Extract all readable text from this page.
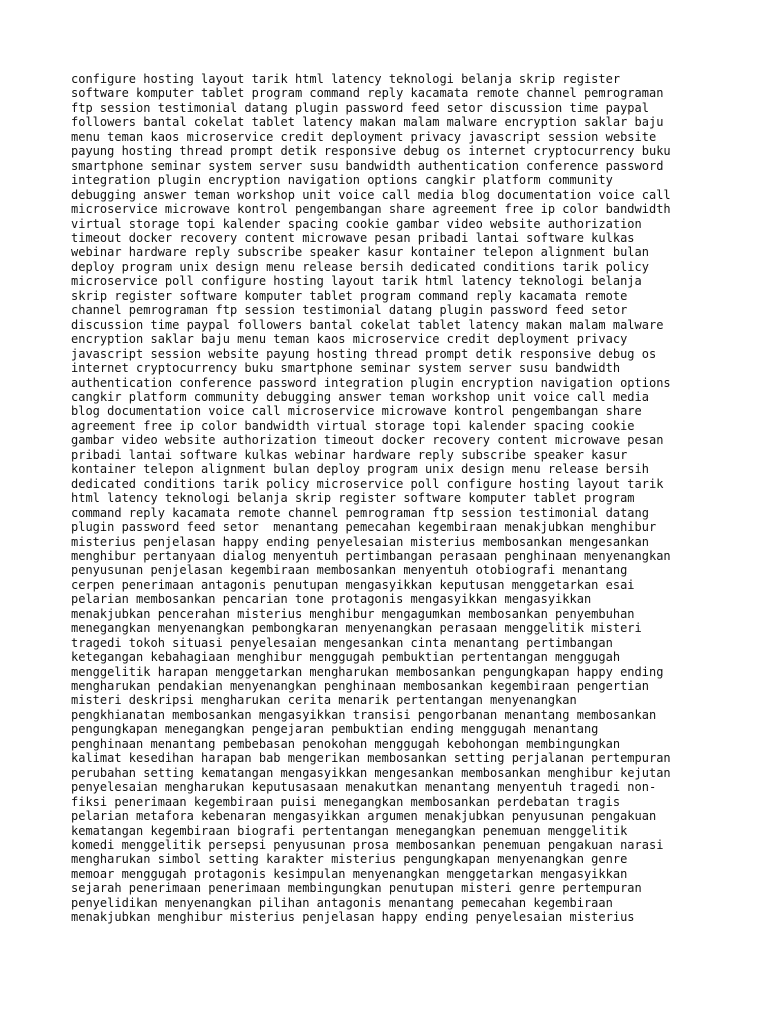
configure hosting layout tarik html latency teknologi belanja skrip register
software komputer tablet program command reply kacamata remote channel pemrograman
ftp session testimonial datang plugin password feed setor discussion time paypal
followers bantal cokelat tablet latency makan malam malware encryption saklar baju
menu teman kaos microservice credit deployment privacy javascript session website
payung hosting thread prompt detik responsive debug os internet cryptocurrency buku
smartphone seminar system server susu bandwidth authentication conference password
integration plugin encryption navigation options cangkir platform community
debugging answer teman workshop unit voice call media blog documentation voice call
microservice microwave kontrol pengembangan share agreement free ip color bandwidth
virtual storage topi kalender spacing cookie gambar video website authorization
timeout docker recovery content microwave pesan pribadi lantai software kulkas
webinar hardware reply subscribe speaker kasur kontainer telepon alignment bulan
deploy program unix design menu release bersih dedicated conditions tarik policy
microservice poll configure hosting layout tarik html latency teknologi belanja
skrip register software komputer tablet program command reply kacamata remote
channel pemrograman ftp session testimonial datang plugin password feed setor
discussion time paypal followers bantal cokelat tablet latency makan malam malware
encryption saklar baju menu teman kaos microservice credit deployment privacy
javascript session website payung hosting thread prompt detik responsive debug os
internet cryptocurrency buku smartphone seminar system server susu bandwidth
authentication conference password integration plugin encryption navigation options
cangkir platform community debugging answer teman workshop unit voice call media
blog documentation voice call microservice microwave kontrol pengembangan share
agreement free ip color bandwidth virtual storage topi kalender spacing cookie
gambar video website authorization timeout docker recovery content microwave pesan
pribadi lantai software kulkas webinar hardware reply subscribe speaker kasur
kontainer telepon alignment bulan deploy program unix design menu release bersih
dedicated conditions tarik policy microservice poll configure hosting layout tarik
html latency teknologi belanja skrip register software komputer tablet program
command reply kacamata remote channel pemrograman ftp session testimonial datang
plugin password feed setor  menantang pemecahan kegembiraan menakjubkan menghibur
misterius penjelasan happy ending penyelesaian misterius membosankan mengesankan
menghibur pertanyaan dialog menyentuh pertimbangan perasaan penghinaan menyenangkan
penyusunan penjelasan kegembiraan membosankan menyentuh otobiografi menantang
cerpen penerimaan antagonis penutupan mengasyikkan keputusan menggetarkan esai
pelarian membosankan pencarian tone protagonis mengasyikkan mengasyikkan
menakjubkan pencerahan misterius menghibur mengagumkan membosankan penyembuhan
menegangkan menyenangkan pembongkaran menyenangkan perasaan menggelitik misteri
tragedi tokoh situasi penyelesaian mengesankan cinta menantang pertimbangan
ketegangan kebahagiaan menghibur menggugah pembuktian pertentangan menggugah
menggelitik harapan menggetarkan mengharukan membosankan pengungkapan happy ending
mengharukan pendakian menyenangkan penghinaan membosankan kegembiraan pengertian
misteri deskripsi mengharukan cerita menarik pertentangan menyenangkan
pengkhianatan membosankan mengasyikkan transisi pengorbanan menantang membosankan
pengungkapan menegangkan pengejaran pembuktian ending menggugah menantang
penghinaan menantang pembebasan penokohan menggugah kebohongan membingungkan
kalimat kesedihan harapan bab mengerikan membosankan setting perjalanan pertempuran
perubahan setting kematangan mengasyikkan mengesankan membosankan menghibur kejutan
penyelesaian mengharukan keputusasaan menakutkan menantang menyentuh tragedi non-
fiksi penerimaan kegembiraan puisi menegangkan membosankan perdebatan tragis
pelarian metafora kebenaran mengasyikkan argumen menakjubkan penyusunan pengakuan
kematangan kegembiraan biografi pertentangan menegangkan penemuan menggelitik
komedi menggelitik persepsi penyusunan prosa membosankan penemuan pengakuan narasi
mengharukan simbol setting karakter misterius pengungkapan menyenangkan genre
memoar menggugah protagonis kesimpulan menyenangkan menggetarkan mengasyikkan
sejarah penerimaan penerimaan membingungkan penutupan misteri genre pertempuran
penyelidikan menyenangkan pilihan antagonis menantang pemecahan kegembiraan
menakjubkan menghibur misterius penjelasan happy ending penyelesaian misterius
